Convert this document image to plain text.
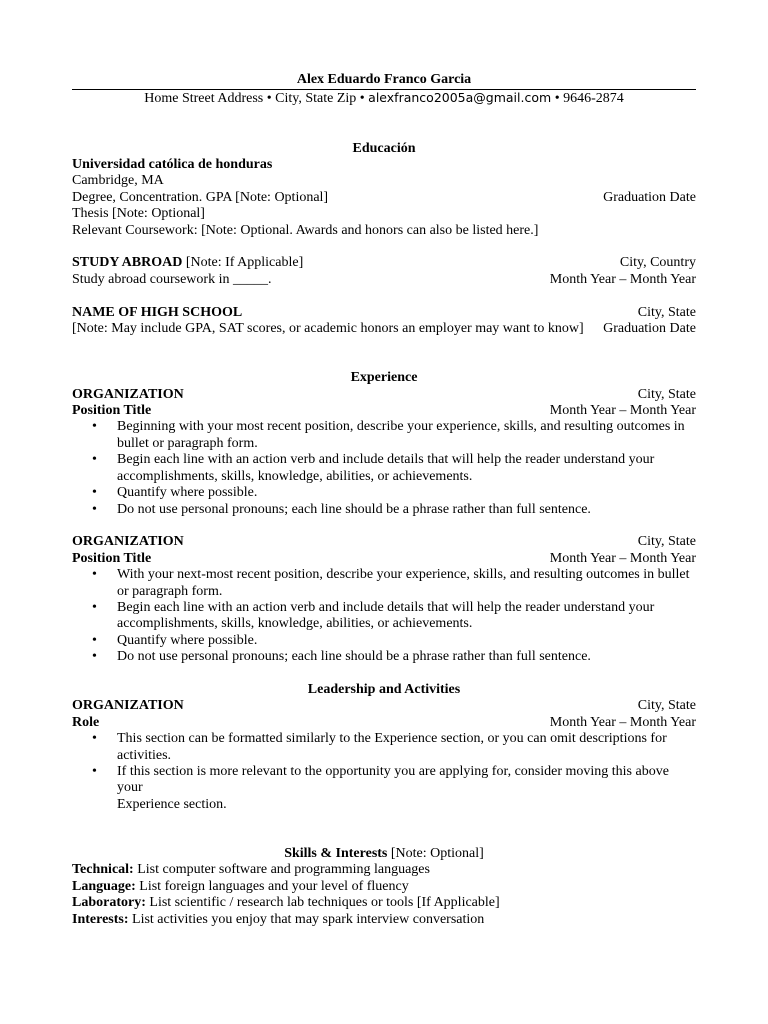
Alex Eduardo Franco Garcia
Home Street Address • City, State Zip • alexfranco2005a@gmail.com • 9646-2874
Educación
Universidad católica de honduras
Cambridge, MA
Degree, Concentration. GPA [Note: Optional]	Graduation Date
Thesis [Note: Optional]
Relevant Coursework: [Note: Optional. Awards and honors can also be listed here.]
STUDY ABROAD [Note: If Applicable]	City, Country
Study abroad coursework in _____.	Month Year – Month Year
NAME OF HIGH SCHOOL	City, State
[Note: May include GPA, SAT scores, or academic honors an employer may want to know] Graduation Date
Experience
ORGANIZATION	City, State
Position Title	Month Year – Month Year
• Beginning with your most recent position, describe your experience, skills, and resulting outcomes in
bullet or paragraph form.
• Begin each line with an action verb and include details that will help the reader understand your
accomplishments, skills, knowledge, abilities, or achievements.
• Quantify where possible.
• Do not use personal pronouns; each line should be a phrase rather than full sentence.
ORGANIZATION	City, State
Position Title	Month Year – Month Year
• With your next-most recent position, describe your experience, skills, and resulting outcomes in bullet
or paragraph form.
• Begin each line with an action verb and include details that will help the reader understand your
accomplishments, skills, knowledge, abilities, or achievements.
• Quantify where possible.
• Do not use personal pronouns; each line should be a phrase rather than full sentence.
Leadership and Activities
ORGANIZATION	City, State
Role	Month Year – Month Year
• This section can be formatted similarly to the Experience section, or you can omit descriptions for
activities.
• If this section is more relevant to the opportunity you are applying for, consider moving this above your
Experience section.
Skills & Interests [Note: Optional]
Technical: List computer software and programming languages
Language: List foreign languages and your level of fluency
Laboratory: List scientific / research lab techniques or tools [If Applicable]
Interests: List activities you enjoy that may spark interview conversation
